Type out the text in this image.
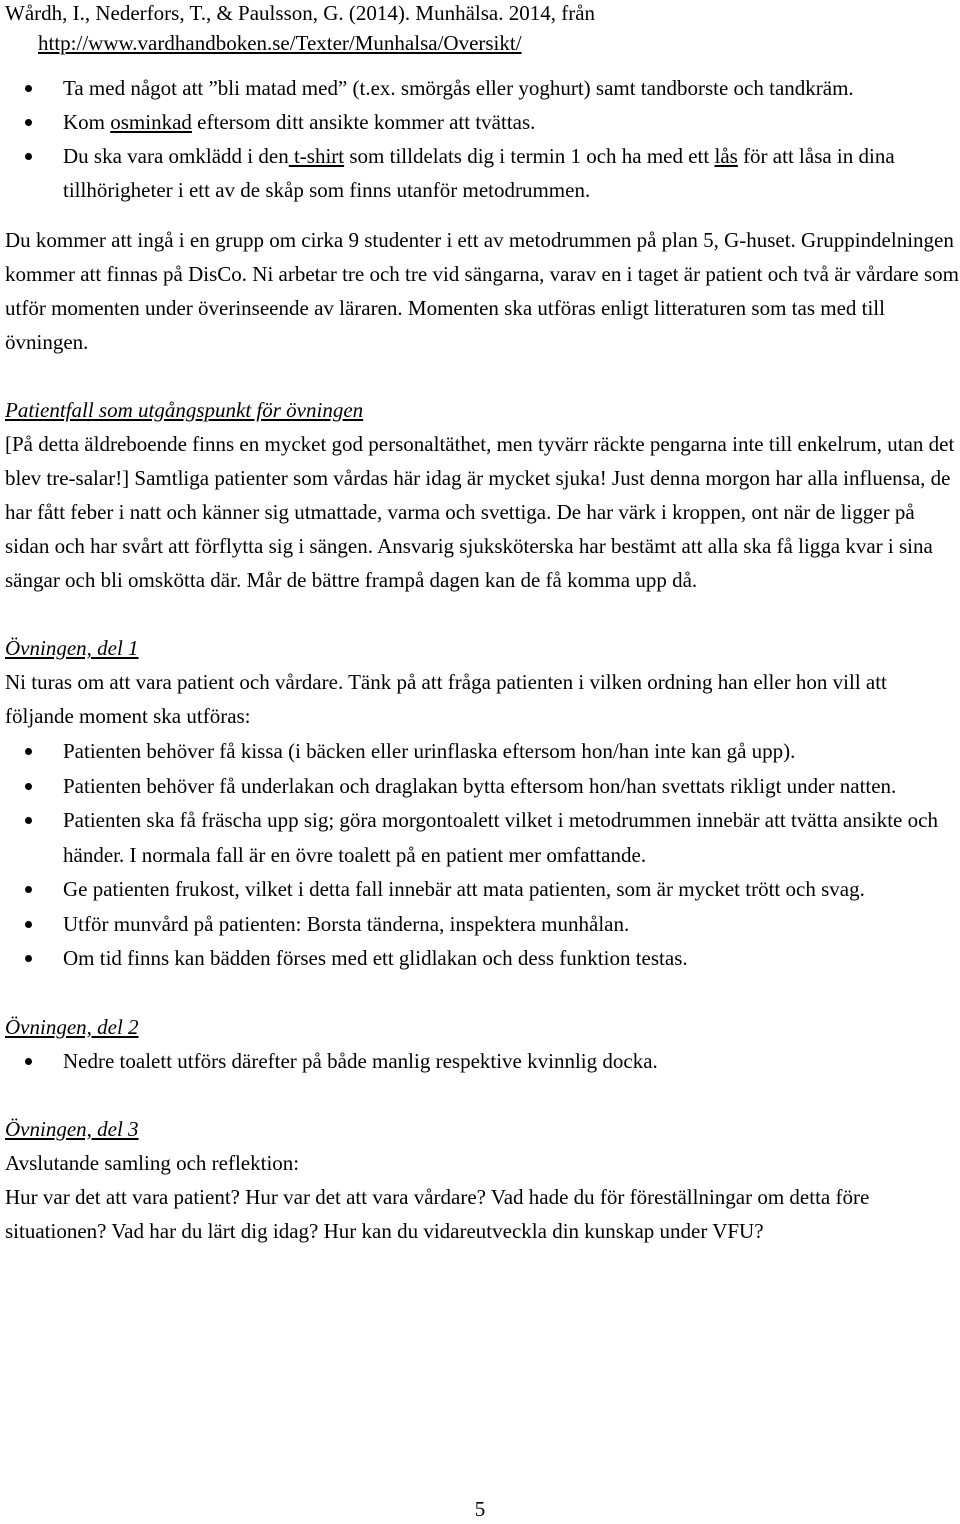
Wårdh, I., Nederfors, T., & Paulsson, G. (2014). Munhälsa. 2014, från
http://www.vardhandboken.se/Texter/Munhalsa/Oversikt/
Ta med något att ”bli matad med” (t.ex. smörgås eller yoghurt) samt tandborste och tandkräm.
Kom osminkad eftersom ditt ansikte kommer att tvättas.
Du ska vara omklädd i den t-shirt som tilldelats dig i termin 1 och ha med ett lås för att låsa in dina tillhörigheter i ett av de skåp som finns utanför metodrummen.

Du kommer att ingå i en grupp om cirka 9 studenter i ett av metodrummen på plan 5, G-huset. Gruppindelningen kommer att finnas på DisCo. Ni arbetar tre och tre vid sängarna, varav en i taget är patient och två är vårdare som utför momenten under överinseende av läraren. Momenten ska utföras enligt litteraturen som tas med till övningen.

Patientfall som utgångspunkt för övningen
[På detta äldreboende finns en mycket god personaltäthet, men tyvärr räckte pengarna inte till enkelrum, utan det blev tre-salar!] Samtliga patienter som vårdas här idag är mycket sjuka! Just denna morgon har alla influensa, de har fått feber i natt och känner sig utmattade, varma och svettiga. De har värk i kroppen, ont när de ligger på sidan och har svårt att förflytta sig i sängen. Ansvarig sjuksköterska har bestämt att alla ska få ligga kvar i sina sängar och bli omskötta där. Mår de bättre frampå dagen kan de få komma upp då.
Övningen, del 1
Ni turas om att vara patient och vårdare. Tänk på att fråga patienten i vilken ordning han eller hon vill att följande moment ska utföras:
Patienten behöver få kissa (i bäcken eller urinflaska eftersom hon/han inte kan gå upp).
Patienten behöver få underlakan och draglakan bytta eftersom hon/han svettats rikligt under natten.
Patienten ska få fräscha upp sig; göra morgontoalett vilket i metodrummen innebär att tvätta ansikte och händer. I normala fall är en övre toalett på en patient mer omfattande.
Ge patienten frukost, vilket i detta fall innebär att mata patienten, som är mycket trött och svag.
Utför munvård på patienten: Borsta tänderna, inspektera munhålan.
Om tid finns kan bädden förses med ett glidlakan och dess funktion testas.
Övningen, del 2
Nedre toalett utförs därefter på både manlig respektive kvinnlig docka.
Övningen, del 3
Avslutande samling och reflektion:
Hur var det att vara patient? Hur var det att vara vårdare? Vad hade du för föreställningar om detta före situationen? Vad har du lärt dig idag? Hur kan du vidareutveckla din kunskap under VFU?
5
